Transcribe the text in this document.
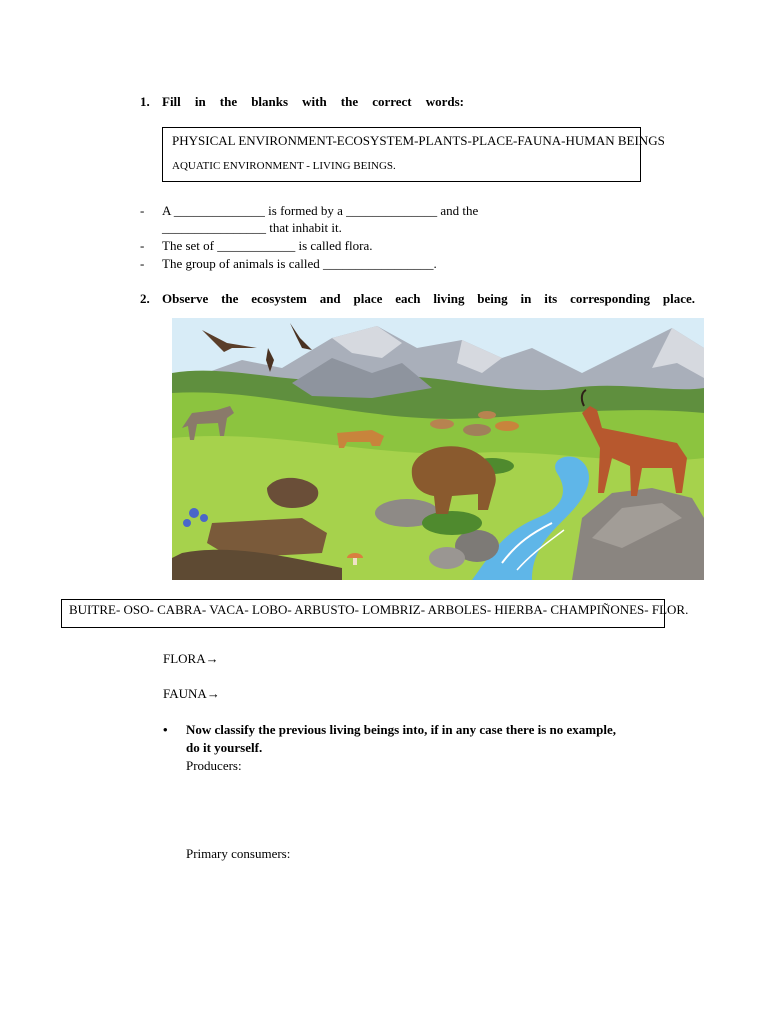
1. Fill in the blanks with the correct words:
PHYSICAL ENVIRONMENT-ECOSYSTEM-PLANTS-PLACE-FAUNA-HUMAN BEINGS
AQUATIC ENVIRONMENT - LIVING BEINGS.
- A ______________ is formed by a ______________ and the
________________ that inhabit it.
- The set of ____________ is called flora.
- The group of animals is called _________________.
2. Observe the ecosystem and place each living being in its corresponding place.
BUITRE- OSO- CABRA- VACA- LOBO- ARBUSTO- LOMBRIZ- ARBOLES- HIERBA- CHAMPIÑONES- FLOR.
FLORA→
FAUNA→
• Now classify the previous living beings into, if in any case there is no example,
do it yourself.
Producers:
Primary consumers:
